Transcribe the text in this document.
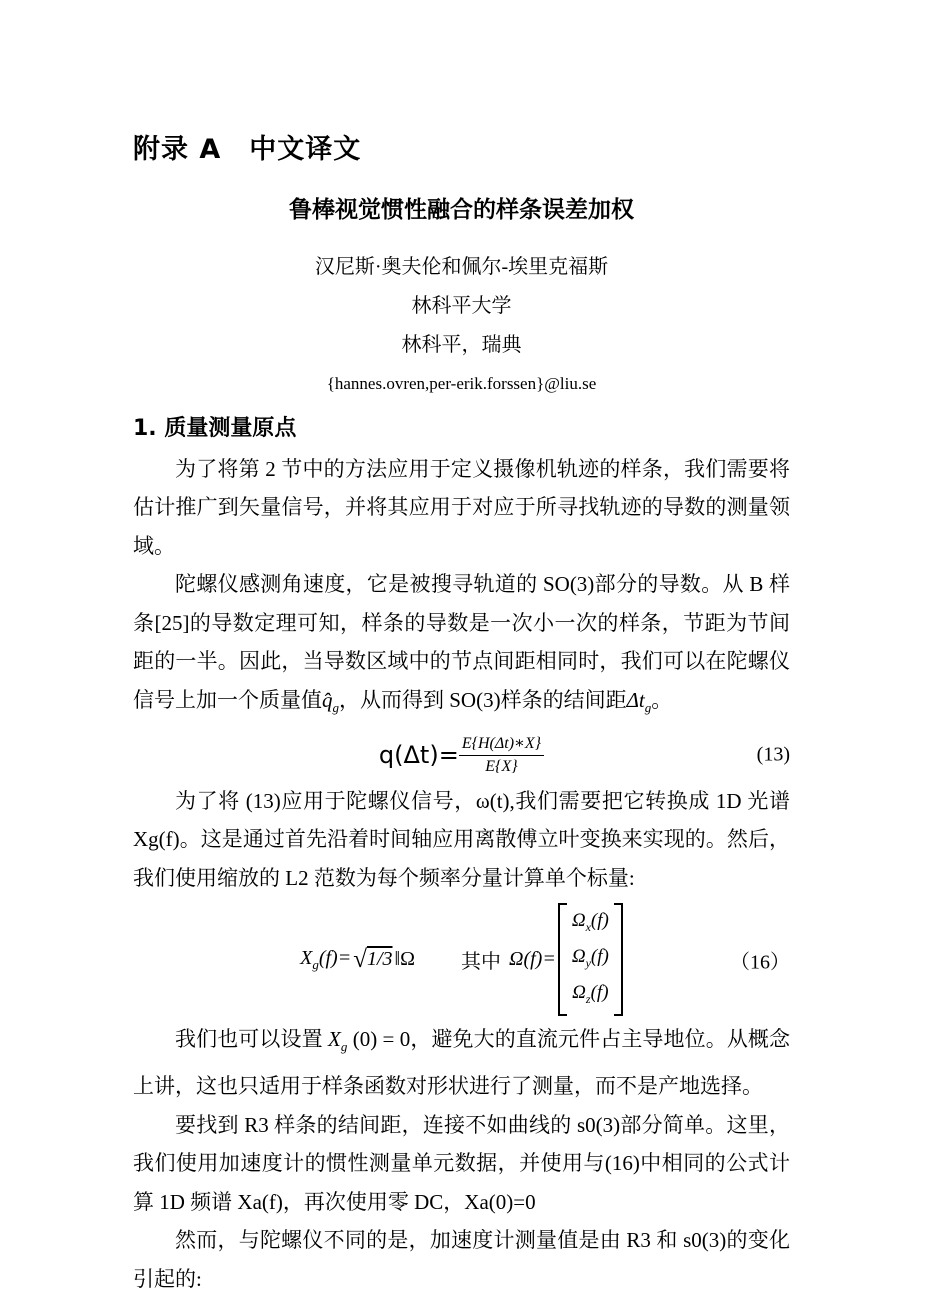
附录 A　中文译文
鲁棒视觉惯性融合的样条误差加权
汉尼斯·奥夫伦和佩尔-埃里克福斯
林科平大学
林科平，瑞典
{hannes.ovren,per-erik.forssen}@liu.se
1. 质量测量原点

为了将第 2 节中的方法应用于定义摄像机轨迹的样条，我们需要将估计推广到矢量信号，并将其应用于对应于所寻找轨迹的导数的测量领域。

陀螺仪感测角速度，它是被搜寻轨道的 SO(3)部分的导数。从 B 样条[25]的导数定理可知，样条的导数是一次小一次的样条，节距为节间距的一半。因此，当导数区域中的节点间距相同时，我们可以在陀螺仪信号上加一个质量值$q̂_g$，从而得到 SO(3)样条的结间距$\Delta t_g$。

$q(\Delta t)= \frac{E\{H(\Delta t)∗X\}}{E\{X\}}$	(13)

为了将 (13)应用于陀螺仪信号，ω(t),我们需要把它转换成 1D 光谱 Xg(f)。这是通过首先沿着时间轴应用离散傅立叶变换来实现的。然后，我们使用缩放的 L2 范数为每个频率分量计算单个标量:

$X_g(f)=$ √ 1/3 ‖Ω 其中 Ω(f)=
$\Omega_x(f)$
$\Omega_y(f)$
$\Omega_z(f)$
（16）

我们也可以设置 $X_g$ (0) = 0，避免大的直流元件占主导地位。从概念上讲，这也只适用于样条函数对形状进行了测量，而不是产地选择。

要找到 R3 样条的结间距，连接不如曲线的 s0(3)部分简单。这里，我们使用加速度计的惯性测量单元数据，并使用与(16)中相同的公式计算 1D 频谱 Xa(f)，再次使用零 DC，Xa(0)=0

然而，与陀螺仪不同的是，加速度计测量值是由 R3 和 s0(3)的变化引起的:
